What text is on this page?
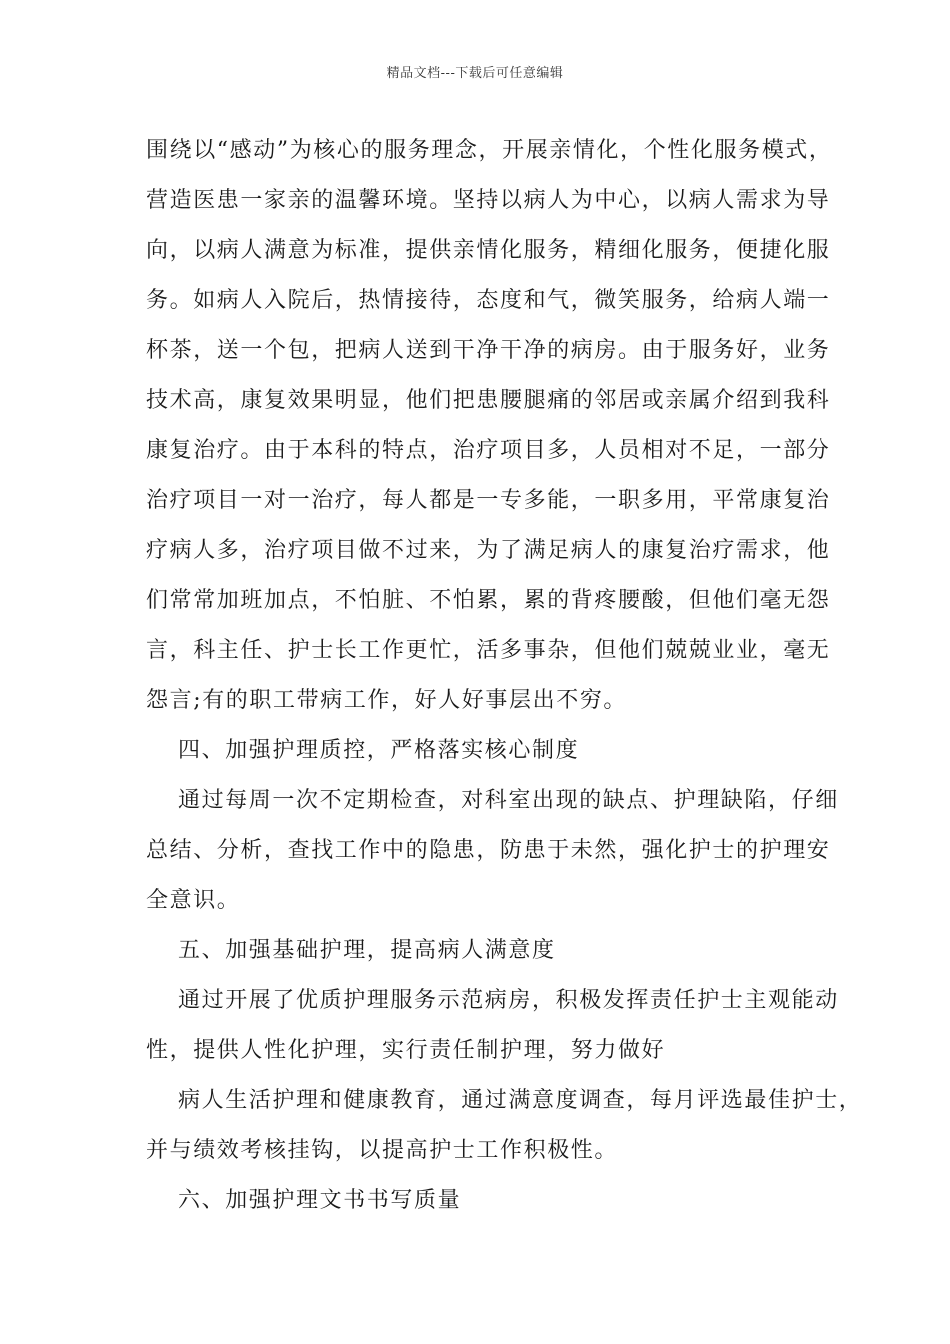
精品文档---下载后可任意编辑
围绕以“感动”为核心的服务理念，开展亲情化，个性化服务模式，
营造医患一家亲的温馨环境。坚持以病人为中心，以病人需求为导
向，以病人满意为标准，提供亲情化服务，精细化服务，便捷化服
务。如病人入院后，热情接待，态度和气，微笑服务，给病人端一
杯茶，送一个包，把病人送到干净干净的病房。由于服务好，业务
技术高，康复效果明显，他们把患腰腿痛的邻居或亲属介绍到我科
康复治疗。由于本科的特点，治疗项目多，人员相对不足，一部分
治疗项目一对一治疗，每人都是一专多能，一职多用，平常康复治
疗病人多，治疗项目做不过来，为了满足病人的康复治疗需求，他
们常常加班加点，不怕脏、不怕累，累的背疼腰酸，但他们毫无怨
言，科主任、护士长工作更忙，活多事杂，但他们兢兢业业，毫无
怨言;有的职工带病工作，好人好事层出不穷。
四、加强护理质控，严格落实核心制度
通过每周一次不定期检查，对科室出现的缺点、护理缺陷，仔细
总结、分析，查找工作中的隐患，防患于未然，强化护士的护理安
全意识。
五、加强基础护理，提高病人满意度
通过开展了优质护理服务示范病房，积极发挥责任护士主观能动
性，提供人性化护理，实行责任制护理，努力做好
病人生活护理和健康教育，通过满意度调查，每月评选最佳护士，
并与绩效考核挂钩，以提高护士工作积极性。
六、加强护理文书书写质量
